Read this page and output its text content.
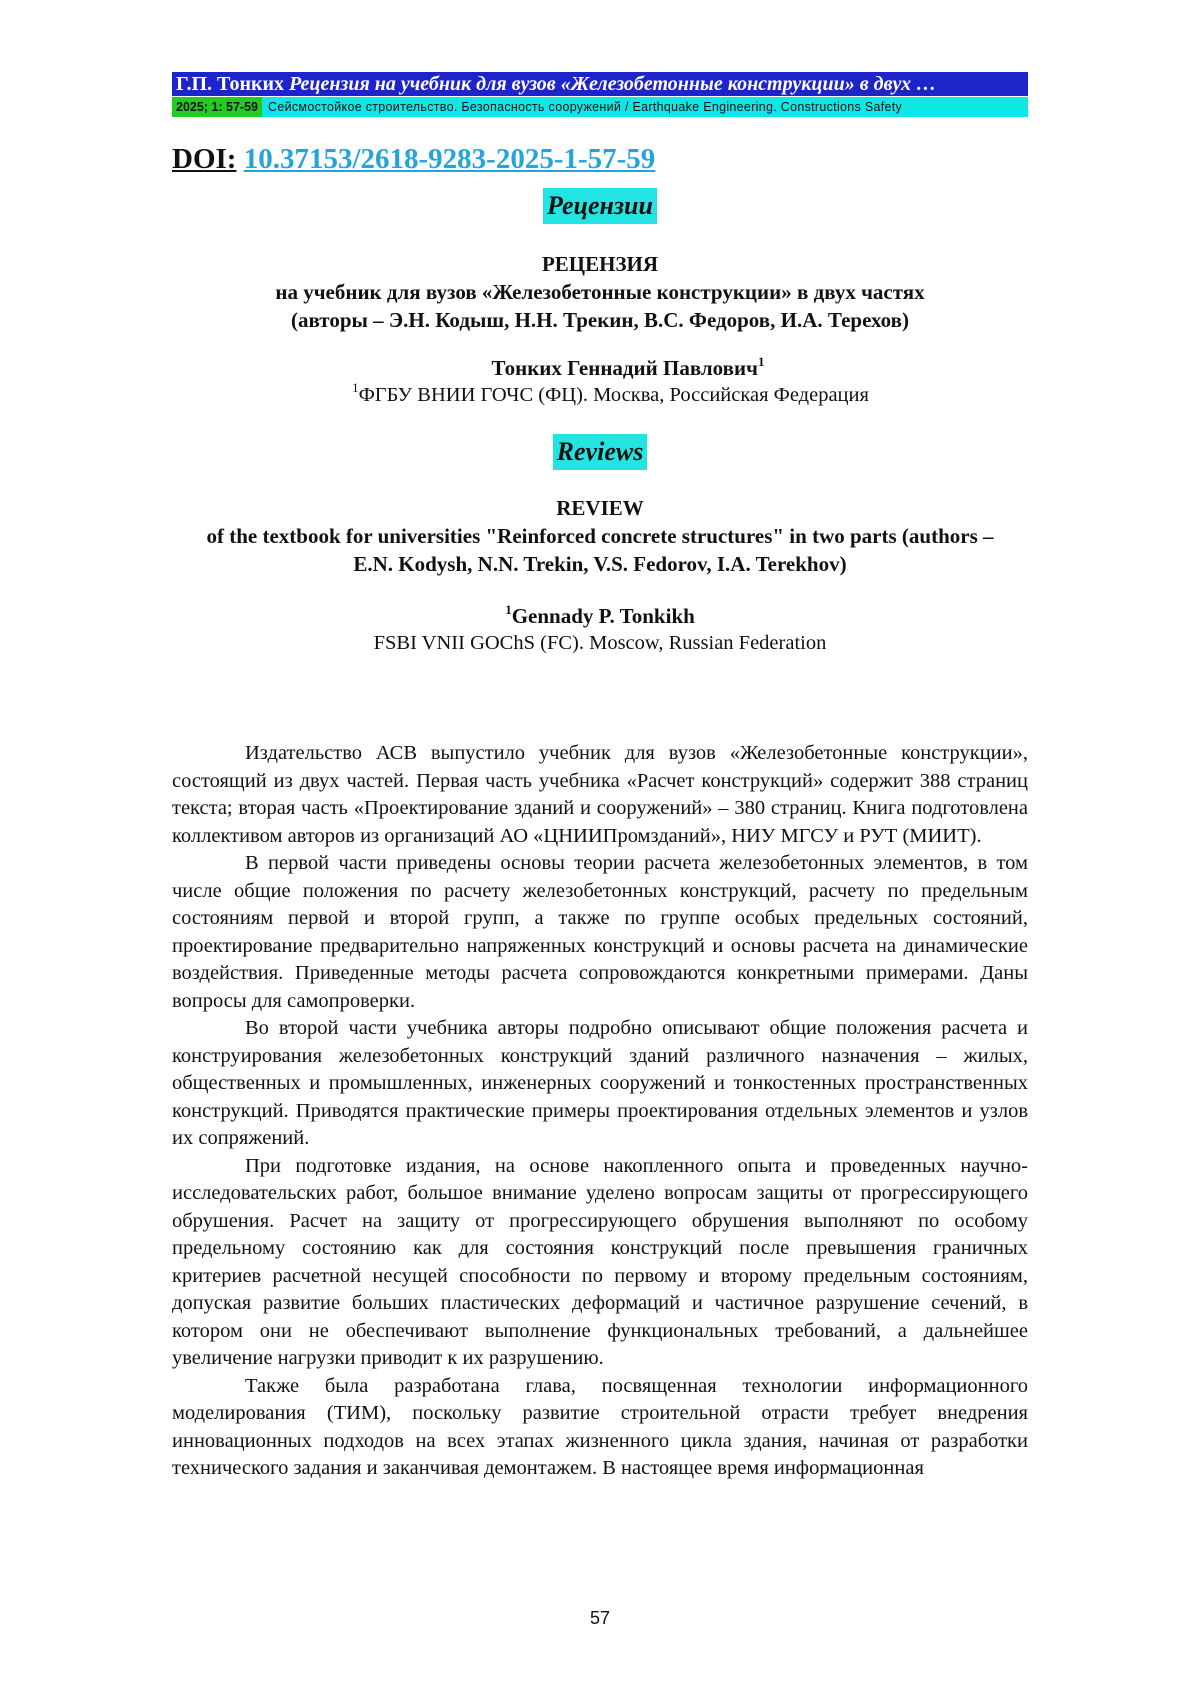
Г.П. Тонких Рецензия на учебник для вузов «Железобетонные конструкции» в двух …
2025; 1: 57-59 Сейсмостойкое строительство. Безопасность сооружений / Earthquake Engineering. Constructions Safety
DOI: 10.37153/2618-9283-2025-1-57-59
Рецензии
РЕЦЕНЗИЯ
на учебник для вузов «Железобетонные конструкции» в двух частях
(авторы – Э.Н. Кодыш, Н.Н. Трекин, В.С. Федоров, И.А. Терехов)
Тонких Геннадий Павлович1
1ФГБУ ВНИИ ГОЧС (ФЦ). Москва, Российская Федерация
Reviews
REVIEW
of the textbook for universities "Reinforced concrete structures" in two parts (authors –
E.N. Kodysh, N.N. Trekin, V.S. Fedorov, I.A. Terekhov)
1Gennady P. Tonkikh
FSBI VNII GOChS (FC). Moscow, Russian Federation

Издательство АСВ выпустило учебник для вузов «Железобетонные конструкции», состоящий из двух частей. Первая часть учебника «Расчет конструкций» содержит 388 страниц текста; вторая часть «Проектирование зданий и сооружений» – 380 страниц. Книга подготовлена коллективом авторов из организаций АО «ЦНИИПромзданий», НИУ МГСУ и РУТ (МИИТ).

В первой части приведены основы теории расчета железобетонных элементов, в том числе общие положения по расчету железобетонных конструкций, расчету по предельным состояниям первой и второй групп, а также по группе особых предельных состояний, проектирование предварительно напряженных конструкций и основы расчета на динамические воздействия. Приведенные методы расчета сопровождаются конкретными примерами. Даны вопросы для самопроверки.

Во второй части учебника авторы подробно описывают общие положения расчета и конструирования железобетонных конструкций зданий различного назначения – жилых, общественных и промышленных, инженерных сооружений и тонкостенных пространственных конструкций. Приводятся практические примеры проектирования отдельных элементов и узлов их сопряжений.

При подготовке издания, на основе накопленного опыта и проведенных научно-исследовательских работ, большое внимание уделено вопросам защиты от прогрессирующего обрушения. Расчет на защиту от прогрессирующего обрушения выполняют по особому предельному состоянию как для состояния конструкций после превышения граничных критериев расчетной несущей способности по первому и второму предельным состояниям, допуская развитие больших пластических деформаций и частичное разрушение сечений, в котором они не обеспечивают выполнение функциональных требований, а дальнейшее увеличение нагрузки приводит к их разрушению.

Также была разработана глава, посвященная технологии информационного моделирования (ТИМ), поскольку развитие строительной отрасти требует внедрения инновационных подходов на всех этапах жизненного цикла здания, начиная от разработки технического задания и заканчивая демонтажем. В настоящее время информационная

57
